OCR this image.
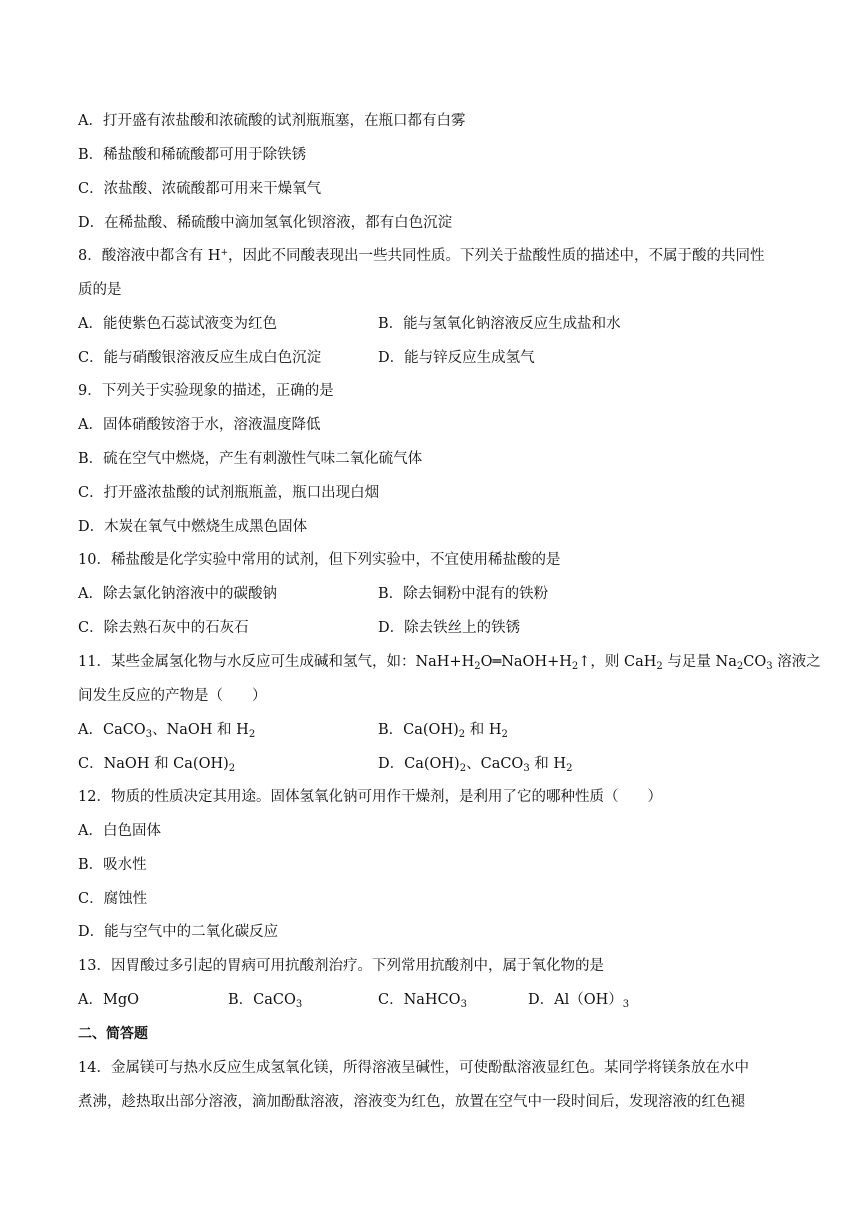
A．打开盛有浓盐酸和浓硫酸的试剂瓶瓶塞，在瓶口都有白雾
B．稀盐酸和稀硫酸都可用于除铁锈
C．浓盐酸、浓硫酸都可用来干燥氧气
D．在稀盐酸、稀硫酸中滴加氢氧化钡溶液，都有白色沉淀
8．酸溶液中都含有 H+，因此不同酸表现出一些共同性质。下列关于盐酸性质的描述中，不属于酸的共同性
质的是
A．能使紫色石蕊试液变为红色	B．能与氢氧化钠溶液反应生成盐和水
C．能与硝酸银溶液反应生成白色沉淀	D．能与锌反应生成氢气
9．下列关于实验现象的描述，正确的是
A．固体硝酸铵溶于水，溶液温度降低
B．硫在空气中燃烧，产生有刺激性气味二氧化硫气体
C．打开盛浓盐酸的试剂瓶瓶盖，瓶口出现白烟
D．木炭在氧气中燃烧生成黑色固体
10．稀盐酸是化学实验中常用的试剂，但下列实验中，不宜使用稀盐酸的是
A．除去氯化钠溶液中的碳酸钠	B．除去铜粉中混有的铁粉
C．除去熟石灰中的石灰石	D．除去铁丝上的铁锈
11．某些金属氢化物与水反应可生成碱和氢气，如：$NaH+H_2O═NaOH+H_2↑$，则 CaH$_2$ 与足量 $Na_2CO_3$ 溶液之
间发生反应的产物是（　　）
A．CaCO$_3$、NaOH 和 $H_2$	B．$Ca(OH)_2$ 和 $H_2$
C．NaOH 和 $Ca(OH)_2$	D．$Ca(OH)_2$、CaCO$_3$ 和 $H_2$
12．物质的性质决定其用途。固体氢氧化钠可用作干燥剂，是利用了它的哪种性质（　　）
A．白色固体
B．吸水性
C．腐蚀性
D．能与空气中的二氧化碳反应
13．因胃酸过多引起的胃病可用抗酸剂治疗。下列常用抗酸剂中，属于氧化物的是
A．MgO	B．CaCO$_3$	C．NaHCO$_3$	D．$Al(OH)_3$
二、简答题
14．金属镁可与热水反应生成氢氧化镁，所得溶液呈碱性，可使酚酞溶液显红色。某同学将镁条放在水中
煮沸，趁热取出部分溶液，滴加酚酞溶液，溶液变为红色，放置在空气中一段时间后，发现溶液的红色褪
